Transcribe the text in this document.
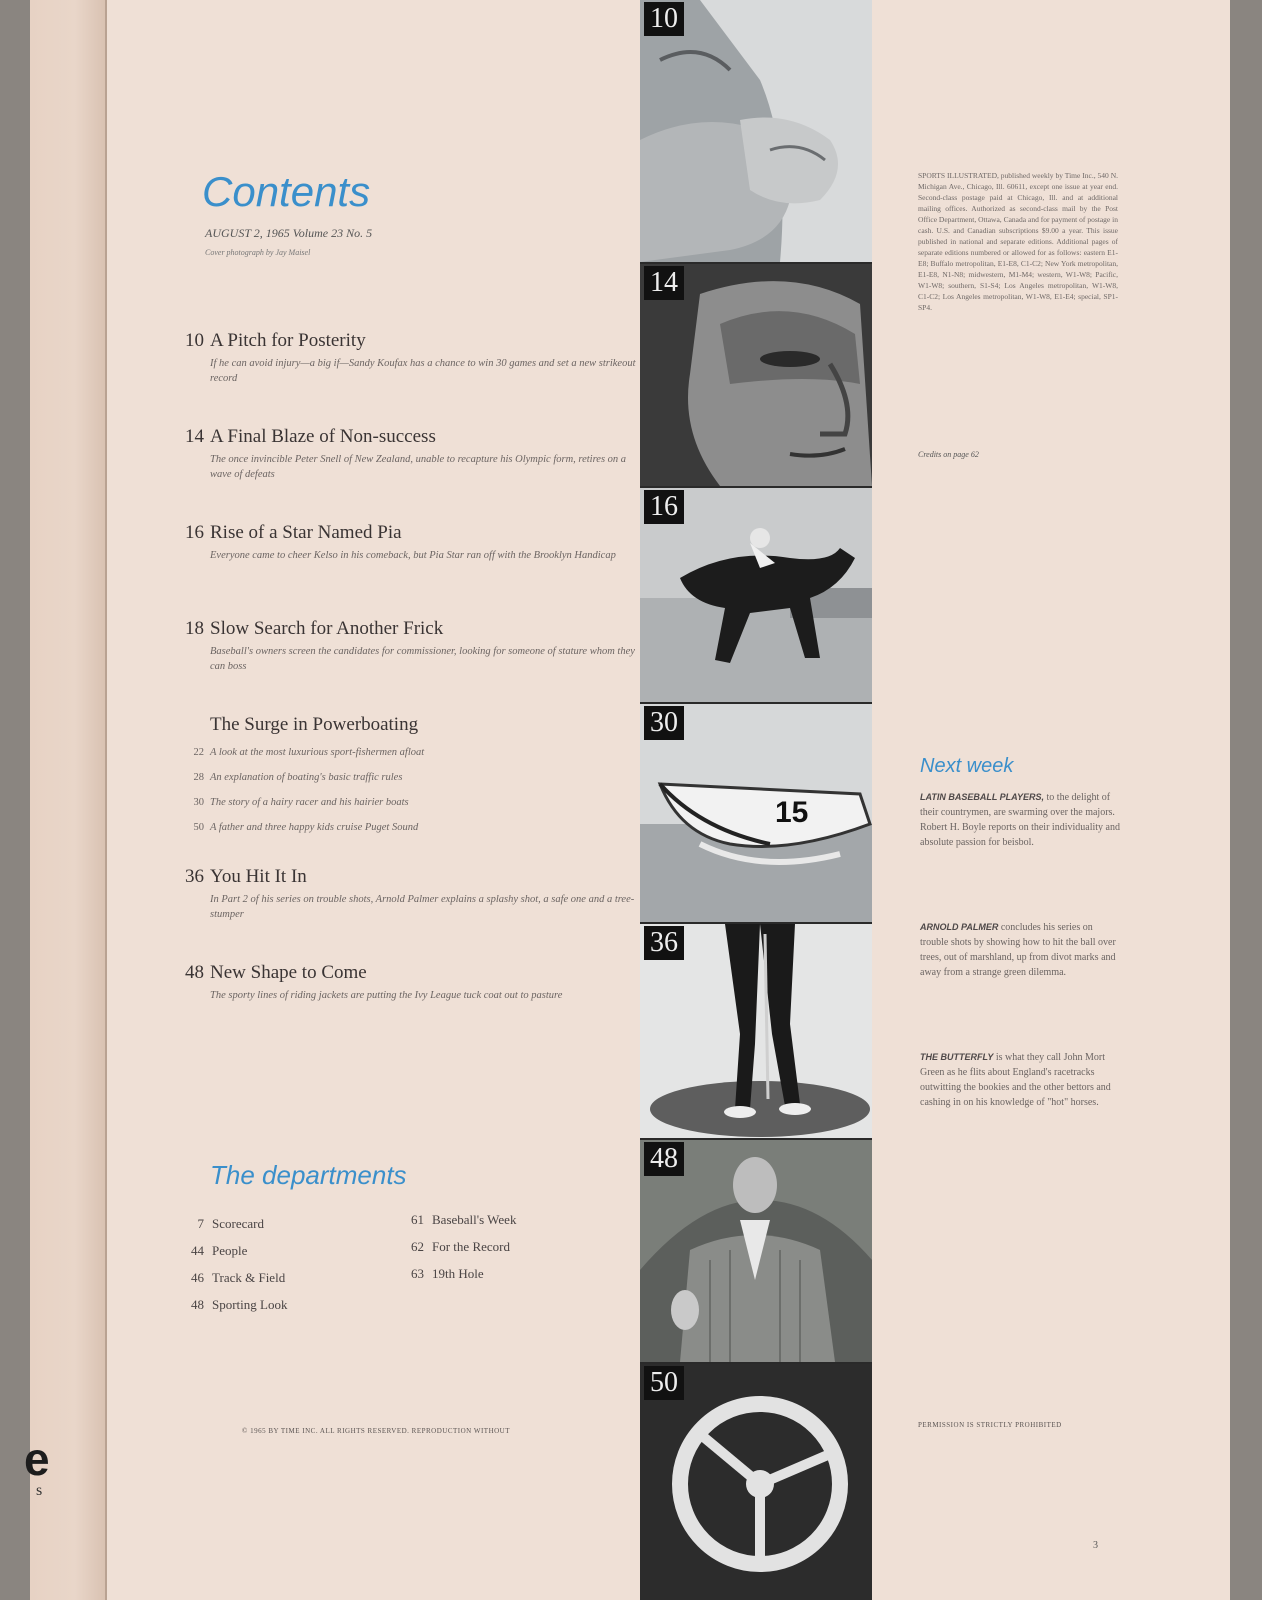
e
s
Contents
AUGUST 2, 1965 Volume 23 No. 5
Cover photograph by Jay Maisel
10 A Pitch for Posterity
If he can avoid injury—a big if—Sandy Koufax has a chance to win 30 games and set a new strikeout record
14 A Final Blaze of Non-success
The once invincible Peter Snell of New Zealand, unable to recapture his Olympic form, retires on a wave of defeats
16 Rise of a Star Named Pia
Everyone came to cheer Kelso in his comeback, but Pia Star ran off with the Brooklyn Handicap
18 Slow Search for Another Frick
Baseball's owners screen the candidates for commissioner, looking for someone of stature whom they can boss
The Surge in Powerboating
22 A look at the most luxurious sport-fishermen afloat
28 An explanation of boating's basic traffic rules
30 The story of a hairy racer and his hairier boats
50 A father and three happy kids cruise Puget Sound
36 You Hit It In
In Part 2 of his series on trouble shots, Arnold Palmer explains a splashy shot, a safe one and a tree-stumper
48 New Shape to Come
The sporty lines of riding jackets are putting the Ivy League tuck coat out to pasture
The departments
7 Scorecard
44 People
46 Track & Field
48 Sporting Look
61 Baseball's Week
62 For the Record
63 19th Hole
10
14
16
15
30
36
48
50
SPORTS ILLUSTRATED, published weekly by Time Inc., 540 N. Michigan Ave., Chicago, Ill. 60611, except one issue at year end. Second-class postage paid at Chicago, Ill. and at additional mailing offices. Authorized as second-class mail by the Post Office Department, Ottawa, Canada and for payment of postage in cash. U.S. and Canadian subscriptions $9.00 a year. This issue published in national and separate editions. Additional pages of separate editions numbered or allowed for as follows: eastern E1-E8; Buffalo metropolitan, E1-E8, C1-C2; New York metropolitan, E1-E8, N1-N8; midwestern, M1-M4; western, W1-W8; Pacific, W1-W8; southern, S1-S4; Los Angeles metropolitan, W1-W8, C1-C2; Los Angeles metropolitan, W1-W8, E1-E4; special, SP1-SP4.
Credits on page 62
Next week
LATIN BASEBALL PLAYERS, to the delight of their countrymen, are swarming over the majors. Robert H. Boyle reports on their individuality and absolute passion for beisbol.
ARNOLD PALMER concludes his series on trouble shots by showing how to hit the ball over trees, out of marshland, up from divot marks and away from a strange green dilemma.
THE BUTTERFLY is what they call John Mort Green as he flits about England's racetracks outwitting the bookies and the other bettors and cashing in on his knowledge of "hot" horses.
© 1965 BY TIME INC. ALL RIGHTS RESERVED. REPRODUCTION WITHOUT
PERMISSION IS STRICTLY PROHIBITED
3
